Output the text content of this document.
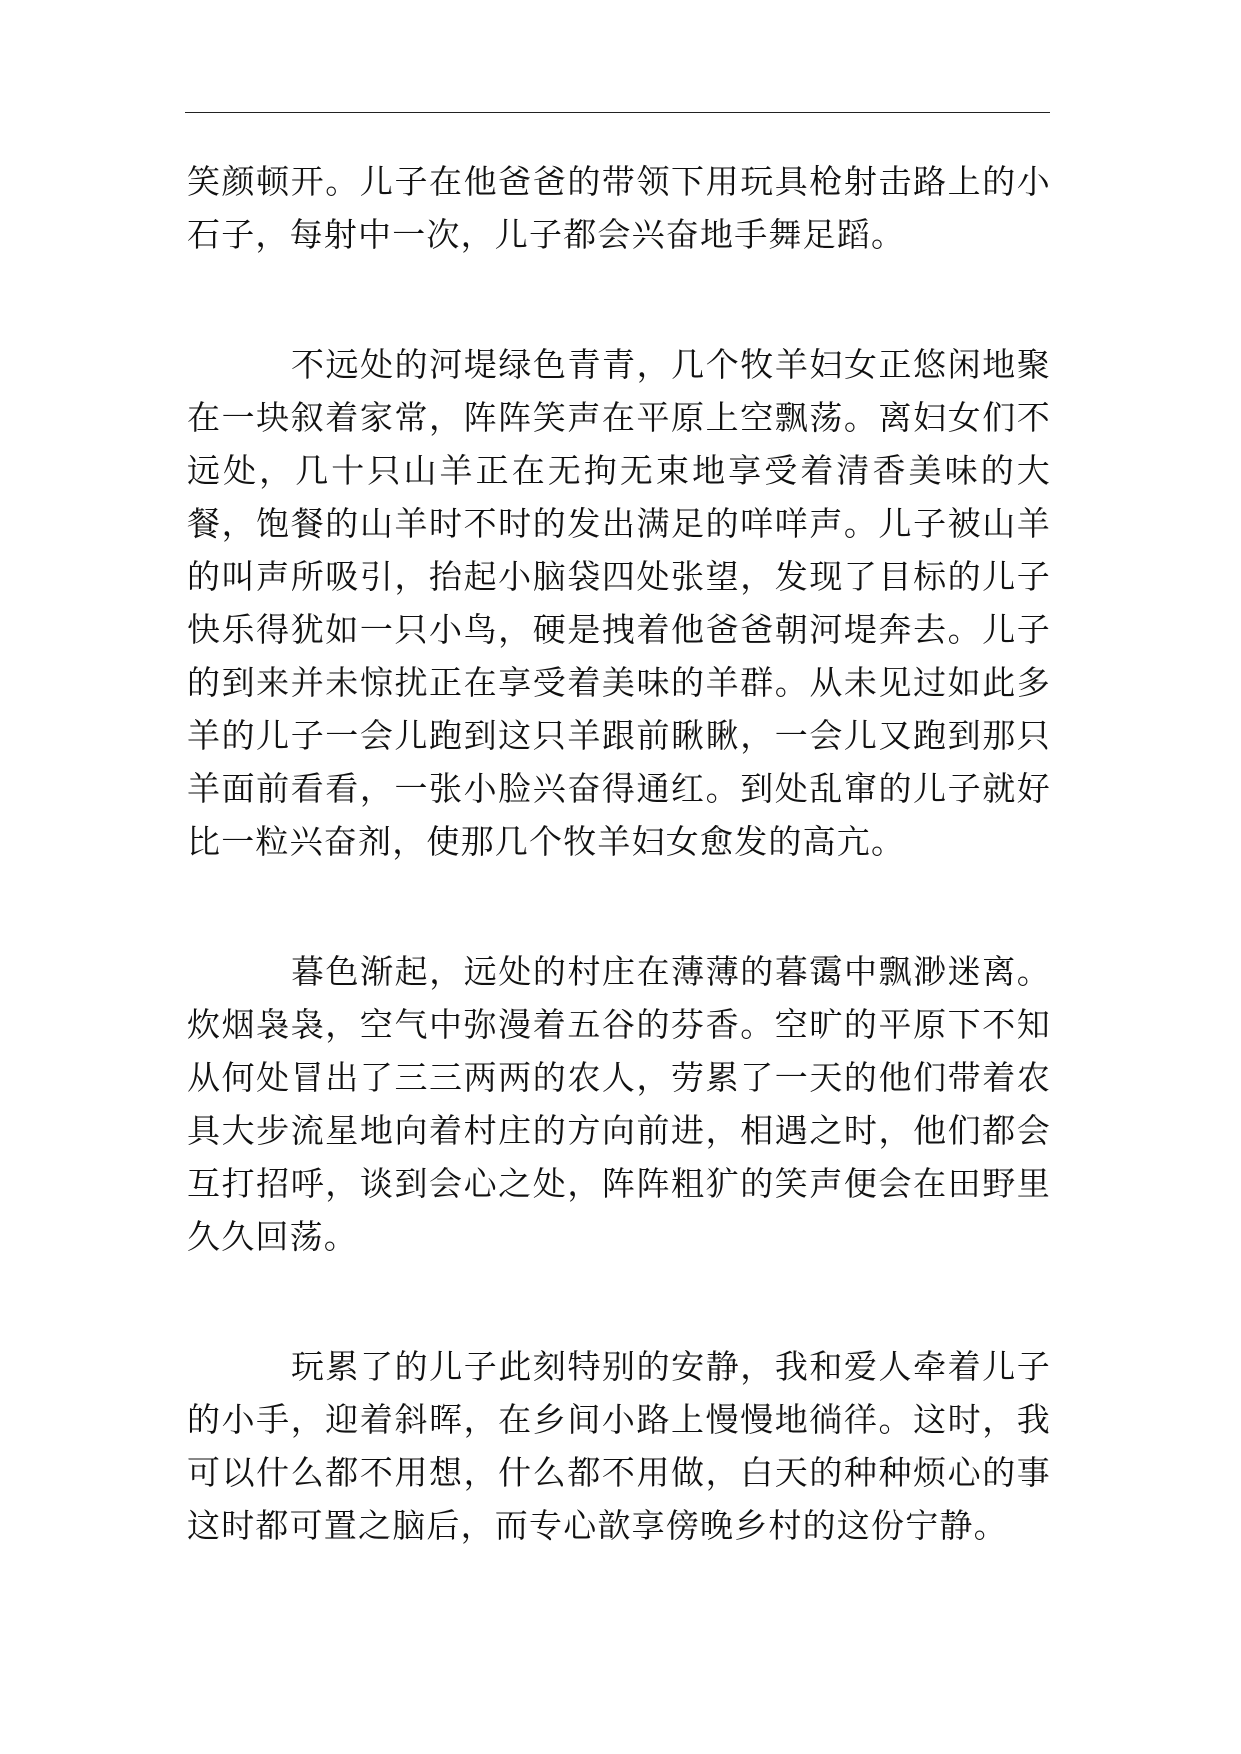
笑颜顿开。儿子在他爸爸的带领下用玩具枪射击路上的小石子，每射中一次，儿子都会兴奋地手舞足蹈。

不远处的河堤绿色青青，几个牧羊妇女正悠闲地聚在一块叙着家常，阵阵笑声在平原上空飘荡。离妇女们不远处，几十只山羊正在无拘无束地享受着清香美味的大餐，饱餐的山羊时不时的发出满足的咩咩声。儿子被山羊的叫声所吸引，抬起小脑袋四处张望，发现了目标的儿子快乐得犹如一只小鸟，硬是拽着他爸爸朝河堤奔去。儿子的到来并未惊扰正在享受着美味的羊群。从未见过如此多羊的儿子一会儿跑到这只羊跟前瞅瞅，一会儿又跑到那只羊面前看看，一张小脸兴奋得通红。到处乱窜的儿子就好比一粒兴奋剂，使那几个牧羊妇女愈发的高亢。

暮色渐起，远处的村庄在薄薄的暮霭中飘渺迷离。炊烟袅袅，空气中弥漫着五谷的芬香。空旷的平原下不知从何处冒出了三三两两的农人，劳累了一天的他们带着农具大步流星地向着村庄的方向前进，相遇之时，他们都会互打招呼，谈到会心之处，阵阵粗犷的笑声便会在田野里久久回荡。

玩累了的儿子此刻特别的安静，我和爱人牵着儿子的小手，迎着斜晖，在乡间小路上慢慢地徜徉。这时，我可以什么都不用想，什么都不用做，白天的种种烦心的事这时都可置之脑后，而专心歆享傍晚乡村的这份宁静。
